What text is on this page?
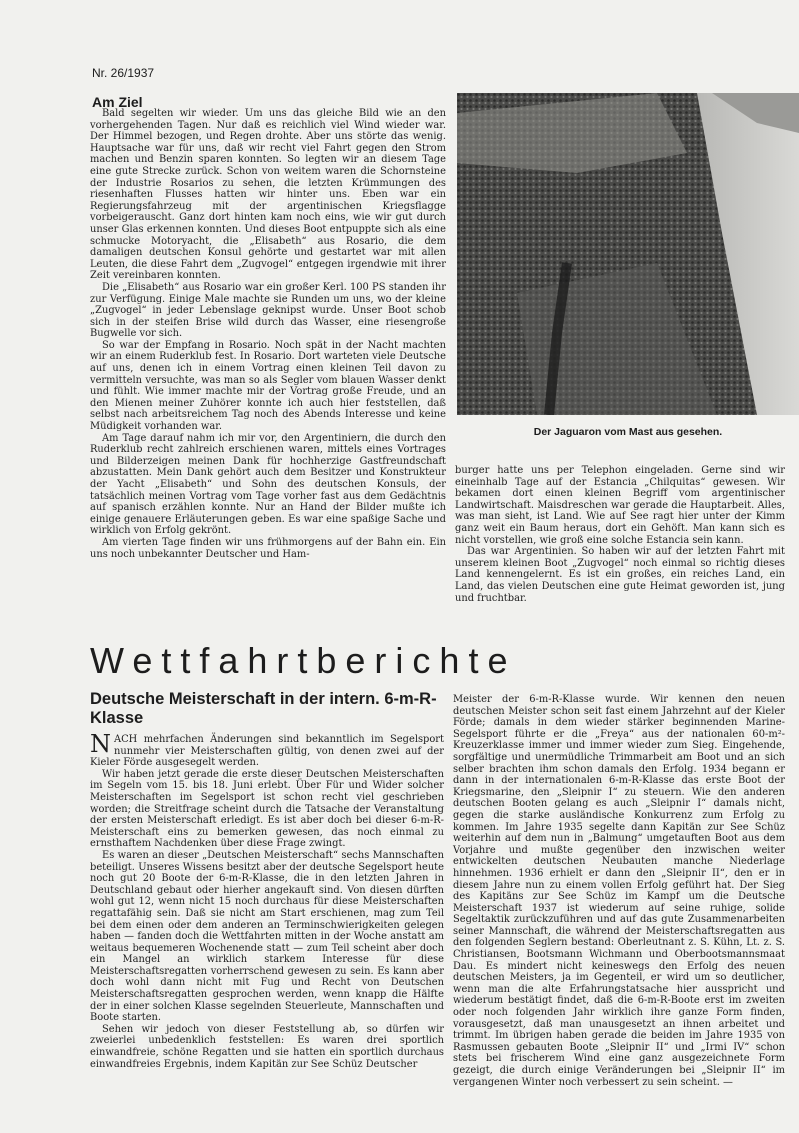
Nr. 26/1937
Am Ziel

Bald segelten wir wieder. Um uns das gleiche Bild wie an den vorhergehenden Tagen. Nur daß es reichlich viel Wind wieder war. Der Himmel bezogen, und Regen drohte. Aber uns störte das wenig. Hauptsache war für uns, daß wir recht viel Fahrt gegen den Strom machen und Benzin sparen konnten. So legten wir an diesem Tage eine gute Strecke zurück. Schon von weitem waren die Schornsteine der Industrie Rosarios zu sehen, die letzten Krümmungen des riesenhaften Flusses hatten wir hinter uns. Eben war ein Regierungsfahrzeug mit der argentinischen Kriegsflagge vorbeigerauscht. Ganz dort hinten kam noch eins, wie wir gut durch unser Glas erkennen konnten. Und dieses Boot entpuppte sich als eine schmucke Motoryacht, die „Elisabeth“ aus Rosario, die dem damaligen deutschen Konsul gehörte und gestartet war mit allen Leuten, die diese Fahrt dem „Zugvogel“ entgegen irgendwie mit ihrer Zeit vereinbaren konnten.

Die „Elisabeth“ aus Rosario war ein großer Kerl. 100 PS standen ihr zur Verfügung. Einige Male machte sie Runden um uns, wo der kleine „Zugvogel“ in jeder Lebenslage geknipst wurde. Unser Boot schob sich in der steifen Brise wild durch das Wasser, eine riesengroße Bugwelle vor sich.

So war der Empfang in Rosario. Noch spät in der Nacht machten wir an einem Ruderklub fest. In Rosario. Dort warteten viele Deutsche auf uns, denen ich in einem Vortrag einen kleinen Teil davon zu vermitteln versuchte, was man so als Segler vom blauen Wasser denkt und fühlt. Wie immer machte mir der Vortrag große Freude, und an den Mienen meiner Zuhörer konnte ich auch hier feststellen, daß selbst nach arbeitsreichem Tag noch des Abends Interesse und keine Müdigkeit vorhanden war.

Am Tage darauf nahm ich mir vor, den Argentiniern, die durch den Ruderklub recht zahlreich erschienen waren, mittels eines Vortrages und Bilderzeigen meinen Dank für hochherzige Gastfreundschaft abzustatten. Mein Dank gehört auch dem Besitzer und Konstrukteur der Yacht „Elisabeth“ und Sohn des deutschen Konsuls, der tatsächlich meinen Vortrag vom Tage vorher fast aus dem Gedächtnis auf spanisch erzählen konnte. Nur an Hand der Bilder mußte ich einige genauere Erläuterungen geben. Es war eine spaßige Sache und wirklich von Erfolg gekrönt.

Am vierten Tage finden wir uns frühmorgens auf der Bahn ein. Ein uns noch unbekannter Deutscher und Ham-

Der Jaguaron vom Mast aus gesehen.

burger hatte uns per Telephon eingeladen. Gerne sind wir eineinhalb Tage auf der Estancia „Chilquitas“ gewesen. Wir bekamen dort einen kleinen Begriff vom argentinischer Landwirtschaft. Maisdreschen war gerade die Hauptarbeit. Alles, was man sieht, ist Land. Wie auf See ragt hier unter der Kimm ganz weit ein Baum heraus, dort ein Gehöft. Man kann sich es nicht vorstellen, wie groß eine solche Estancia sein kann.

Das war Argentinien. So haben wir auf der letzten Fahrt mit unserem kleinen Boot „Zugvogel“ noch einmal so richtig dieses Land kennengelernt. Es ist ein großes, ein reiches Land, ein Land, das vielen Deutschen eine gute Heimat geworden ist, jung und fruchtbar.

Wettfahrtberichte
Deutsche Meisterschaft in der intern. 6-m-R-Klasse

NACH mehrfachen Änderungen sind bekanntlich im Segelsport nunmehr vier Meisterschaften gültig, von denen zwei auf der Kieler Förde ausgesegelt werden.

Wir haben jetzt gerade die erste dieser Deutschen Meisterschaften im Segeln vom 15. bis 18. Juni erlebt. Über Für und Wider solcher Meisterschaften im Segelsport ist schon recht viel geschrieben worden; die Streitfrage scheint durch die Tatsache der Veranstaltung der ersten Meisterschaft erledigt. Es ist aber doch bei dieser 6-m-R-Meisterschaft eins zu bemerken gewesen, das noch einmal zu ernsthaftem Nachdenken über diese Frage zwingt.

Es waren an dieser „Deutschen Meisterschaft“ sechs Mannschaften beteiligt. Unseres Wissens besitzt aber der deutsche Segelsport heute noch gut 20 Boote der 6-m-R-Klasse, die in den letzten Jahren in Deutschland gebaut oder hierher angekauft sind. Von diesen dürften wohl gut 12, wenn nicht 15 noch durchaus für diese Meisterschaften regattafähig sein. Daß sie nicht am Start erschienen, mag zum Teil bei dem einen oder dem anderen an Terminschwierigkeiten gelegen haben — fanden doch die Wettfahrten mitten in der Woche anstatt am weitaus bequemeren Wochenende statt — zum Teil scheint aber doch ein Mangel an wirklich starkem Interesse für diese Meisterschaftsregatten vorherrschend gewesen zu sein. Es kann aber doch wohl dann nicht mit Fug und Recht von Deutschen Meisterschaftsregatten gesprochen werden, wenn knapp die Hälfte der in einer solchen Klasse segelnden Steuerleute, Mannschaften und Boote starten.

Sehen wir jedoch von dieser Feststellung ab, so dürfen wir zweierlei unbedenklich feststellen: Es waren drei sportlich einwandfreie, schöne Regatten und sie hatten ein sportlich durchaus einwandfreies Ergebnis, indem Kapitän zur See Schüz Deutscher

Meister der 6-m-R-Klasse wurde. Wir kennen den neuen deutschen Meister schon seit fast einem Jahrzehnt auf der Kieler Förde; damals in dem wieder stärker beginnenden Marine-Segelsport führte er die „Freya“ aus der nationalen 60-m²-Kreuzerklasse immer und immer wieder zum Sieg. Eingehende, sorgfältige und unermüdliche Trimmarbeit am Boot und an sich selber brachten ihm schon damals den Erfolg. 1934 begann er dann in der internationalen 6-m-R-Klasse das erste Boot der Kriegsmarine, den „Sleipnir I“ zu steuern. Wie den anderen deutschen Booten gelang es auch „Sleipnir I“ damals nicht, gegen die starke ausländische Konkurrenz zum Erfolg zu kommen. Im Jahre 1935 segelte dann Kapitän zur See Schüz weiterhin auf dem nun in „Balmung“ umgetauften Boot aus dem Vorjahre und mußte gegenüber den inzwischen weiter entwickelten deutschen Neubauten manche Niederlage hinnehmen. 1936 erhielt er dann den „Sleipnir II“, den er in diesem Jahre nun zu einem vollen Erfolg geführt hat. Der Sieg des Kapitäns zur See Schüz im Kampf um die Deutsche Meisterschaft 1937 ist wiederum auf seine ruhige, solide Segeltaktik zurückzuführen und auf das gute Zusammenarbeiten seiner Mannschaft, die während der Meisterschaftsregatten aus den folgenden Seglern bestand: Oberleutnant z. S. Kühn, Lt. z. S. Christiansen, Bootsmann Wichmann und Oberbootsmannsmaat Dau. Es mindert nicht keineswegs den Erfolg des neuen deutschen Meisters, ja im Gegenteil, er wird um so deutlicher, wenn man die alte Erfahrungstatsache hier ausspricht und wiederum bestätigt findet, daß die 6-m-R-Boote erst im zweiten oder noch folgenden Jahr wirklich ihre ganze Form finden, vorausgesetzt, daß man unausgesetzt an ihnen arbeitet und trimmt. Im übrigen haben gerade die beiden im Jahre 1935 von Rasmussen gebauten Boote „Sleipnir II“ und „Irmi IV“ schon stets bei frischerem Wind eine ganz ausgezeichnete Form gezeigt, die durch einige Veränderungen bei „Sleipnir II“ im vergangenen Winter noch verbessert zu sein scheint. —
